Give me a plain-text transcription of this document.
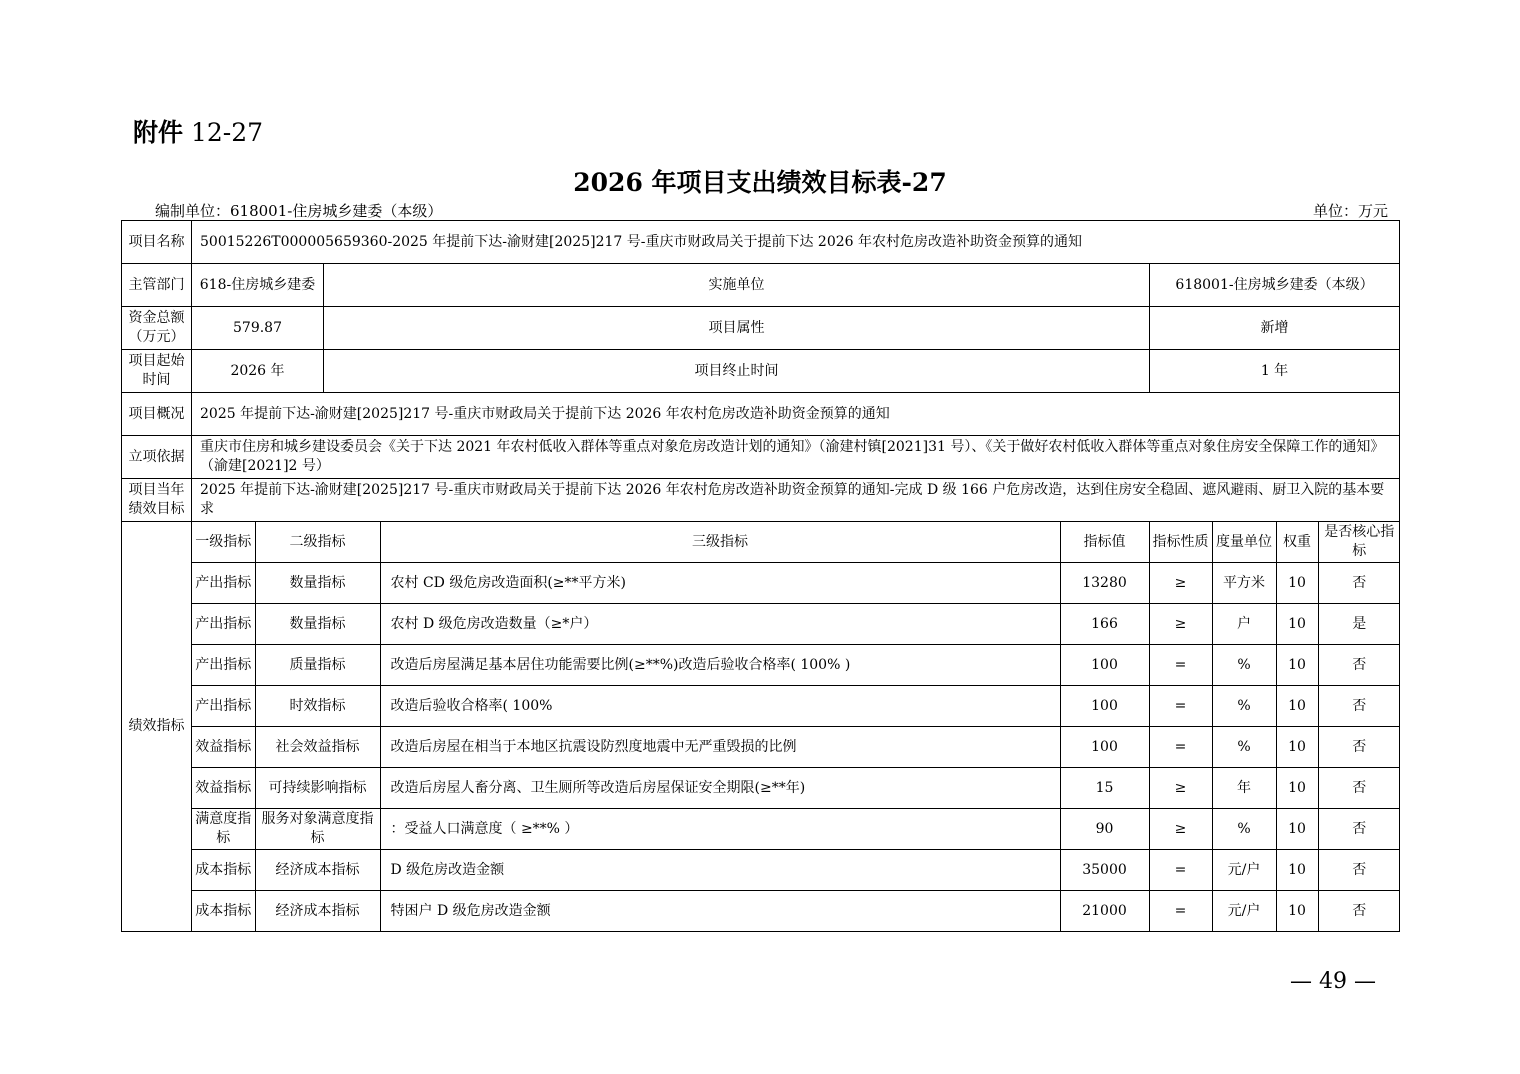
附件 12-27
2026 年项目支出绩效目标表-27
编制单位：618001-住房城乡建委（本级）	单位：万元
项目名称	50015226T000005659360-2025 年提前下达-渝财建[2025]217 号-重庆市财政局关于提前下达 2026 年农村危房改造补助资金预算的通知
主管部门	618-住房城乡建委	实施单位	618001-住房城乡建委（本级）
资金总额（万元）	579.87	项目属性	新增
项目起始时间	2026 年	项目终止时间	1 年
项目概况	2025 年提前下达-渝财建[2025]217 号-重庆市财政局关于提前下达 2026 年农村危房改造补助资金预算的通知
立项依据	重庆市住房和城乡建设委员会《关于下达 2021 年农村低收入群体等重点对象危房改造计划的通知》（渝建村镇[2021]31 号）、《关于做好农村低收入群体等重点对象住房安全保障工作的通知》（渝建[2021]2 号）
项目当年绩效目标	2025 年提前下达-渝财建[2025]217 号-重庆市财政局关于提前下达 2026 年农村危房改造补助资金预算的通知-完成 D 级 166 户危房改造，达到住房安全稳固、遮风避雨、厨卫入院的基本要求
绩效指标	
一级指标	二级指标	三级指标	指标值	指标性质	度量单位	权重	是否核心指标
产出指标	数量指标	农村 CD 级危房改造面积(≥**平方米)	13280	≥	平方米	10	否
产出指标	数量指标	农村 D 级危房改造数量（≥*户）	166	≥	户	10	是
产出指标	质量指标	改造后房屋满足基本居住功能需要比例(≥**%)改造后验收合格率( 100% )	100	=	%	10	否
产出指标	时效指标	改造后验收合格率( 100%	100	=	%	10	否
效益指标	社会效益指标	改造后房屋在相当于本地区抗震设防烈度地震中无严重毁损的比例	100	=	%	10	否
效益指标	可持续影响指标	改造后房屋人畜分离、卫生厕所等改造后房屋保证安全期限(≥**年)	15	≥	年	10	否
满意度指标	服务对象满意度指标	：受益人口满意度（ ≥**% ）	90	≥	%	10	否
成本指标	经济成本指标	D 级危房改造金额	35000	=	元/户	10	否
成本指标	经济成本指标	特困户 D 级危房改造金额	21000	=	元/户	10	否
— 49 —
